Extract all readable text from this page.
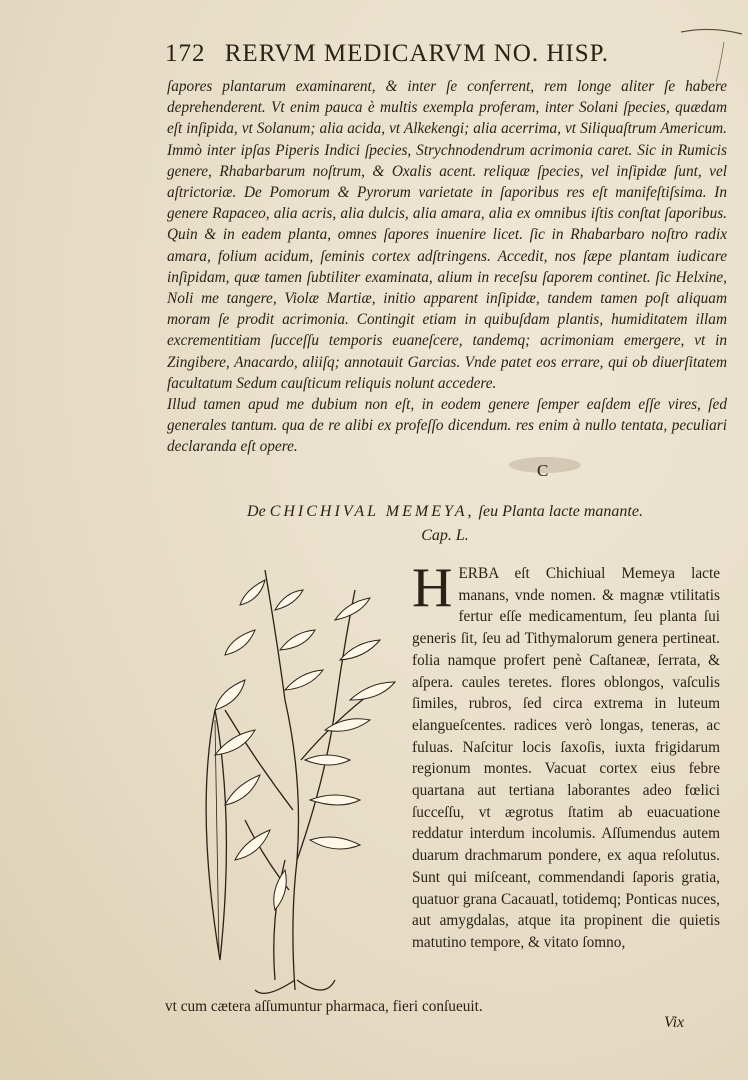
172 RERVM MEDICARVM NO. HISP.

ſapores plantarum examinarent, & inter ſe conferrent, rem longe aliter ſe habere deprehenderent. Vt enim pauca è multis exempla proferam, inter Solani ſpecies, quædam eſt inſipida, vt Solanum; alia acida, vt Alkekengi; alia acerrima, vt Siliquaſtrum Americum. Immò inter ipſas Piperis Indici ſpecies, Strychnodendrum acrimonia caret. Sic in Rumicis genere, Rhabarbarum noſtrum, & Oxalis acent. reliquæ ſpecies, vel inſipidæ ſunt, vel aſtrictoriæ. De Pomorum & Pyrorum varietate in ſaporibus res eſt manifeſtiſsima. In genere Rapaceo, alia acris, alia dulcis, alia amara, alia ex omnibus iſtis conſtat ſaporibus. Quin & in eadem planta, omnes ſapores inuenire licet. ſic in Rhabarbaro noſtro radix amara, folium acidum, ſeminis cortex adſtringens. Accedit, nos ſæpe plantam iudicare inſipidam, quæ tamen ſubtiliter examinata, alium in receſsu ſaporem continet. ſic Helxine, Noli me tangere, Violæ Martiæ, initio apparent inſipidæ, tandem tamen poſt aliquam moram ſe prodit acrimonia. Contingit etiam in quibuſdam plantis, humiditatem illam excrementitiam ſucceſſu temporis euaneſcere, tandemq; acrimoniam emergere, vt in Zingibere, Anacardo, aliiſq; annotauit Garcias. Vnde patet eos errare, qui ob diuerſitatem facultatum Sedum cauſticum reliquis nolunt accedere.

Illud tamen apud me dubium non eſt, in eodem genere ſemper eaſdem eſſe vires, ſed generales tantum. qua de re alibi ex profeſſo dicendum. res enim à nullo tentata, peculiari declaranda eſt opere.

C
De CHICHIVAL MEMEYA, ſeu Planta lacte manante.
Cap. L.
H ERBA eſt Chichiual Memeya lacte manans, vnde nomen. & magnæ vtilitatis fertur eſſe medicamentum, ſeu planta ſui generis ſit, ſeu ad Tithymalorum genera pertineat. folia namque profert penè Caſtaneæ, ſerrata, & aſpera. caules teretes. flores oblongos, vaſculis ſimiles, rubros, ſed circa extrema in luteum elangueſcentes. radices verò longas, teneras, ac fuluas. Naſcitur locis ſaxoſis, iuxta frigidarum regionum montes. Vacuat cortex eius febre quartana aut tertiana laborantes adeo fœlici ſucceſſu, vt ægrotus ſtatim ab euacuatione reddatur interdum incolumis. Aſſumendus autem duarum drachmarum pondere, ex aqua reſolutus. Sunt qui miſceant, commendandi ſaporis gratia, quatuor grana Cacauatl, totidemq; Ponticas nuces, aut amygdalas, atque ita propinent die quietis matutino tempore, & vitato ſomno,
vt cum cætera aſſumuntur pharmaca, fieri conſueuit.
Vix
